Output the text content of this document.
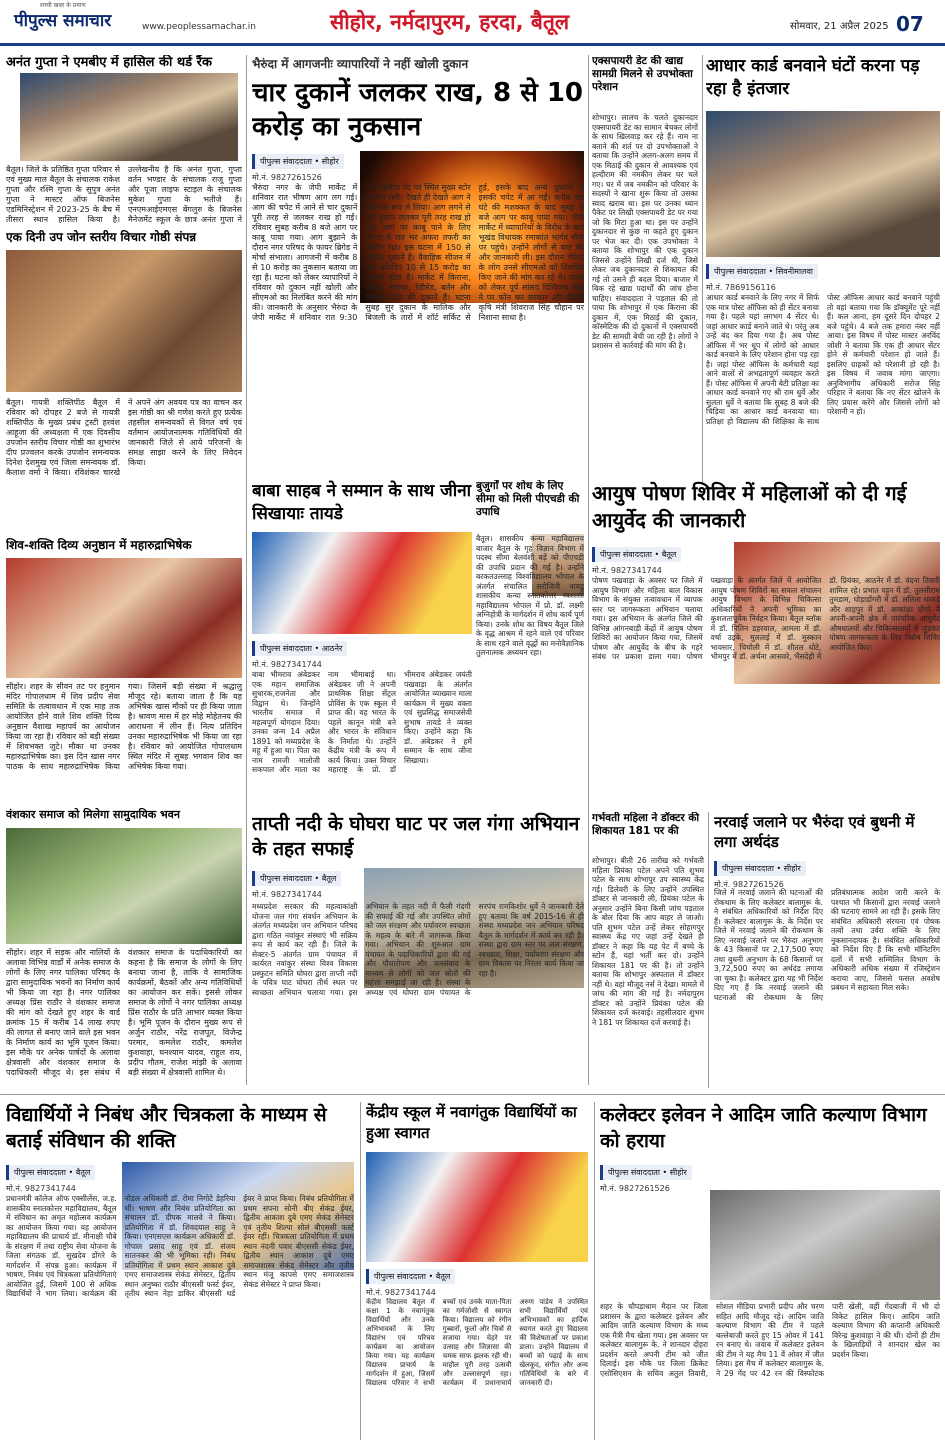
सच्ची खबर के प्रमाण
पीपुल्स समाचार	www.peoplessamachar.in	सीहोर, नर्मदापुरम, हरदा, बैतूल	सोमवार, 21 अप्रैल 2025 07
अनंत गुप्ता ने एमबीए में हासिल की थर्ड रैंक
बैतूल। जिले के प्रतिष्ठित गुप्ता परिवार से एवं मुख्य माल बैतूल के संचालक राकेश गुप्ता और रश्मि गुप्ता के सुपुत्र अनंत गुप्ता ने मास्टर ऑफ बिजनेस एडमिनिस्ट्रेशन में 2023-25 के बैच में तीसरा स्थान हासिल किया है। उल्लेखनीय है कि अनंत गुप्ता, गुप्ता वर्तन भण्डार के संचालक राजू गुप्ता और पूजा लाइफ स्टाइल के संचालक मुकेश गुप्ता के भतीजे हैं। एनएमआईएमएस बेंगलुरु के बिजनेस मैनेजमेंट स्कूल के छात्र अनंत गुप्ता ने
एक दिनी उप जोन स्तरीय विचार गोष्ठी संपन्न
बैतूल। गायत्री शक्तिपीठ बैतूल में रविवार को दोपहर 2 बजे से गायत्री शक्तिपीठ के मुख्य प्रबंध ट्रस्टी हरवंश आहूजा की अध्यक्षता में एक दिवसीय उपजोन स्तरीय विचार गोष्ठी का शुभारंभ दीप प्रज्वलन करके उपजोन समन्वयक दिनेश देशमुख एवं जिला समन्वयक डॉ. कैलाश वर्मा ने किया। रविशंकर चारखे ने अपने अंग अवयव पत्र का वाचन कर इस गोष्ठी का श्री गणेश करते हुए प्रत्येक तहसील समन्वयकों से विगत वर्ष एवं वर्तमान आयोजनात्मक गतिविधियों की जानकारी जिले से आये परिजनों के समक्ष साझा करने के लिए निवेदन किया।
शिव-शक्ति दिव्य अनुष्ठान में महारुद्राभिषेक
सीहोर। शहर के सीवन तट पर हनुमान मंदिर गोपालधाम में शिव प्रदीप सेवा समिति के तत्वावधान में एक माह तक आयोजित होने वाले शिव शक्ति दिव्य अनुष्ठान वैशाख महापर्व का आयोजन किया जा रहा है। रविवार को बड़ी संख्या में शिवभक्त जुटे। मौका था उनका महारुद्राभिषेक का। इस दिन खास नगर पाठक के साथ महारुद्राभिषेक किया गया। जिसमें बड़ी संख्या में श्रद्धालु मौजूद रहे। बताया जाता है कि यह अभिषेक खास मौकों पर ही किया जाता है। श्रावण मास में हर मोहे मोहेतनय की आराधना में लीन हैं। नित्य प्रतिदिन उनका महारुद्राभिषेक भी किया जा रहा है। रविवार को आयोजित गोपालधाम स्थित मंदिर में सुबह भगवान शिव का अभिषेक किया गया।
वंशकार समाज को मिलेगा सामुदायिक भवन
सीहोर। शहर में सड़क और नालियों के अलावा विभिन्न वार्डों में अनेक समाज के लोगों के लिए नगर पालिका परिषद के द्वारा सामुदायिक भवनों का निर्माण कार्य भी किया जा रहा है। नगर पालिका अध्यक्ष प्रिंस राठौर ने वंशकार समाज की मांग को देखते हुए शहर के वार्ड क्रमांक 15 में करीब 14 लाख रुपए की लागत से बनाए जाने वाले इस भवन के निर्माण कार्य का भूमि पूजन किया। इस मौके पर अनेक पार्षदों के अलावा क्षेत्रवासी और वंशकार समाज के पदाधिकारी मौजूद थे। इस संबंध में वंशकार समाज के पदाधिकारियों का कहना है कि समाज के लोगों के लिए बनाया जाना है, ताकि वे सामाजिक कार्यक्रमों, बैठकों और अन्य गतिविधियों का आयोजन कर सकें। इससे लोकर समाज के लोगों ने नगर पालिका अध्यक्ष प्रिंस राठौर के प्रति आभार व्यक्त किया है। भूमि पूजन के दौरान मुख्य रूप से अर्जुन राठौर, नरेंद्र राजपूत, विजेन्द्र परमार, कमलेश राठौर, कमलेश कुशवाहा, घनश्याम यादव, राहुल राय, प्रदीप गौतम, राजेश मांझी के अलावा बड़ी संख्या में क्षेत्रवासी शामिल थे।
भैरुंदा में आगजनीः व्यापारियों ने नहीं खोली दुकान
चार दुकानें जलकर राख, 8 से 10 करोड़ का नुकसान
पीपुल्स संवाददाता • सीहोर
मो.नं. 9827261526
भैरुंदा नगर के जेपी मार्केट में शनिवार रात भीषण आग लग गई। आग की चपेट में आने से चार दुकानें पूरी तरह से जलकर राख हो गईं। रविवार सुबह करीब 8 बजे आग पर काबू पाया गया। आग बुझाने के दौरान नगर परिषद के फायर ब्रिगेड ने मोर्चा संभाला। आगजनी में करीब 8 से 10 करोड़ का नुकसान बताया जा रहा है। घटना को लेकर व्यापारियों ने रविवार को दुकान नहीं खोली और सीएमओ का निलंबित करने की मांग की। जानकारी के अनुसार भैरुंदा के जेपी मार्केट में शनिवार रात 9:30 बजे तहसील गेट पर स्थित मुख्य स्टोर में आग लगी। देखते ही देखते आग ने विकराल रूप ले लिया। आग लगने से चार दुकान जलकर पूरी तरह राख हो गई। आग पर काबू पाने के लिए भैरुंदा से रात भर अफरा तफरी का माहौल रहा। इस घटना में 150 से अधिक दुकानें हैं। वैवाहिक सीजन में यहां प्रतिदिन 10 से 15 करोड़ का व्यापार होता है। मार्केट में किराना, कपड़ा, सराफा, रेडीमेड, बर्तन और जनरल स्टोर की दुकानें हैं। घटना सुबह सुर दुकान के मालिक और बिजली के तारों में शॉर्ट सर्किट से हुई, इसके बाद अन्य दुकानों में इसकी चपेट में आ गईं। करीब दस घंटे की मशक्कत के बाद सुबह 8 बजे आग पर काबू पाया गया। जेपी मार्केट में व्यापारियों के विरोध के बाद भूखंड विधायक रमाकांत भार्गव मौके पर पहुंचे। उन्होंने लोगों से बात की और जानकारी ली। इस दौरान भैरुंदा के लोग उनसे सीएमओ को निलंबित किए जाने की मांग कर रहे थे। घटना को लेकर पूर्व सांसद दिग्विजय सिंह ने पर फोन कर सरकार और केंद्रीय कृषि मंत्री शिवराज सिंह चौहान पर निशाना साधा है।
बाबा साहब ने सम्मान के साथ जीना सिखायाः तायडे
पीपुल्स संवाददाता • आठनेर
मो.नं. 9827341744
बाबा भीमराव अंबेडकर एक महान समाजिक सुधारक,राजनेता और विद्वान थे। जिन्होंने भारतीय समाज में महत्वपूर्ण योगदान दिया। उनका जन्म 14 अप्रैल 1891 को मध्यप्रदेश के महू में हुआ था। पिता का नाम रामजी मालोजी सकपाल और माता का नाम भीमाबाई था। अंबेडकर जी ने अपनी प्राथमिक शिक्षा सेंट्रल प्रोविंस के एक स्कूल में प्राप्त की। वह भारत के पहले कानून मंत्री बने और भारत के संविधान के निर्माता थे। उन्होंने केंद्रीय मंत्री के रूप में कार्य किया। उक्त विचार महाराष्ट्र के प्रो. डॉ भीमराव अंबेडकर जयंती पखवाड़ा के अंतर्गत आयोजित व्याख्यान माला कार्यक्रम में मुख्य वक्ता एवं सुप्रसिद्ध समाजसेवी सुभाष तायडे ने व्यक्त किए। उन्होंने कहा कि डॉ. अंबेडकर ने हमें सम्मान के साथ जीना सिखाया।
बुजुर्गों पर शोध के लिए सीमा को मिली पीएचडी की उपाधि
बैतूल। शासकीय कन्या महाविद्यालय बाजार बैतूल के गृह विज्ञान विभाग में पदस्थ सीमा बेलवंशी बड़ें को पीएचडी की उपाधि प्रदान की गई है। उन्होंने बरकतउल्लाह विश्वविद्यालय भोपाल के अंतर्गत संचालित सरोजिनी नायडू शासकीय कन्या स्नातकोत्तर स्वशासी महाविद्यालय भोपाल में प्रो. डॉ. लक्ष्मी अग्निहोत्री के मार्गदर्शन में शोध कार्य पूर्ण किया। उनके शोध का विषय बैतूल जिले के वृद्ध आश्रम में रहने वाले एवं परिवार के साथ रहने वाले वृद्धों का मनोवैज्ञानिक तुलनात्मक अध्ययन रहा।
ताप्ती नदी के घोघरा घाट पर जल गंगा अभियान के तहत सफाई
पीपुल्स संवाददाता • बैतूल
मो.नं. 9827341744
मध्यप्रदेश सरकार की महत्वाकांक्षी योजना जल गंगा संवर्धन अभियान के अंतर्गत मध्यप्रदेश जन अभियान परिषद द्वारा गठित नवांकुर संस्थाएं भी सक्रिय रूप से कार्य कर रही हैं। जिले के सेक्टर-5 अंतर्गत ग्राम पंचायत में कार्यरत नवांकुर संस्था विश्व विकास प्रस्फुटन समिति घोघरा द्वारा ताप्ती नदी के पवित्र घाट घोघरा तीर्थ स्थल पर स्वच्छता अभियान चलाया गया। इस अभियान के तहत नदी में फैली गंदगी की सफाई की गई और उपस्थित लोगों को जल संरक्षण और पर्यावरण स्वच्छता के महत्व के बारे में जागरूक किया गया। अभियान की शुरुआत ग्राम पंचायत के पदाधिकारियों द्वारा की गई और पौधारोपण और जनसंवाद के माध्यम से लोगों को जल स्रोतों की महत्ता समझाई जा रही है। संस्था के अध्यक्ष एवं घोघरा ग्राम पंचायत के सरपंच रामकिशोर धुर्वे ने जानकारी देते हुए बताया कि वर्ष 2015-16 से ही संस्था मध्यप्रदेश जन अभियान परिषद बैतूल के मार्गदर्शन में कार्य कर रही है। संस्था द्वारा ग्राम स्तर पर जल संरक्षण, स्वच्छता, शिक्षा, पर्यावरण संरक्षण और ग्राम विकास पर निरंतर कार्य किया जा रहा है।
एक्सपायरी डेट की खाद्य सामग्री मिलने से उपभोक्ता परेशान
शोभापुर। लालच के चलते दुकानदार एक्सपायरी डेट का सामान बेचकर लोगों के साथ खिलवाड़ कर रहे हैं। नाम ना बताने की शर्त पर दो उपभोक्ताओं ने बताया कि उन्होंने अलग-अलग समय में एक मिठाई की दुकान से आवश्यक एवं हल्दीराम की नमकीन लेकर घर चले गए। घर में जब नमकीन को परिवार के सदस्यों ने खाना शुरू किया तो उसका स्वाद खराब था। इस पर उनका ध्यान पैकेट पर लिखी एक्सपायरी डेट पर गया जो कि मिटा हुआ था। इस पर उन्होंने दुकानदार से कुछ ना कहते हुए दुकान पर भेज कर दी। एक उपभोक्ता ने बताया कि शोभापुर की एक दुकान जिससे उन्होंने लिखी दर्ज थी, जिसे लेकर जब दुकानदार से शिकायत की गई तो उसने ही बदल दिया। बाजार में बिक रहे खाद्य पदार्थों की जांच होना चाहिए। संवाददाता ने पड़ताल की तो पाया कि शोभापुर में एक किराना की दुकान में, एक मिठाई की दुकान, कॉस्मेटिक की दो दुकानों में एक्सपायरी डेट की सामग्री बेची जा रही है। लोगों ने प्रशासन से कार्रवाई की मांग की है।
आधार कार्ड बनवाने घंटों करना पड़ रहा है इंतजार
पीपुल्स संवाददाता • सिवनीमालवा
मो.नं. 7869156116
आधार कार्ड बनवाने के लिए नगर में सिर्फ एक मात्र पोस्ट ऑफिस को ही सेंटर बनाया गया है। पहले यहां लगभग 4 सेंटर थे। जहां आधार कार्ड बनाने जाते थे। परंतु अब उन्हें बंद कर दिया गया है। अब पोस्ट ऑफिस में भर धूप में लोगों को आधार कार्ड बनवाने के लिए परेशान होना पड़ रहा है। जहां पोस्ट ऑफिस के कर्मचारी यहां आने वालों से अभद्रतापूर्ण व्यवहार करते हैं। पोस्ट ऑफिस में अपनी बेटी प्रतिक्षा का आधार कार्ड बनवाने गए श्री राम धुर्वे और सुलता धुर्वे ने बताया कि सुबह 8 बजे की चिड़िया का आधार कार्ड बनवाया था। प्रतिक्षा हो विद्यालय की शिक्षिका के साथ पोस्ट ऑफिस आधार कार्ड बनवाने पहुंची तो वहां बताया गया कि डॉक्यूमेंट पूरे नहीं हैं। कल आना, हम दूसरे दिन दोपहर 2 बजे पहुंचे। 4 बजे तक हमारा नंबर नहीं आया। इस विषय में पोस्ट मास्टर अरविंद जोशी ने बताया कि एक ही आधार सेंटर होने से कर्मचारी परेशान हो जाते हैं। इसलिए ग्राहकों को परेशानी हो रही है। इस विषय में जवाब मांगा जाएगा। अनुविभागीय अधिकारी सरोज सिंह परिहार ने बताया कि नए सेंटर खोलने के लिए प्रयास करेंगे और जिससे लोगों को परेशानी न हो।
आयुष पोषण शिविर में महिलाओं को दी गई आयुर्वेद की जानकारी
पीपुल्स संवाददाता • बैतूल
मो.नं. 9827341744
पोषण पखवाड़ा के अवसर पर जिले में आयुष विभाग और महिला बाल विकास विभाग के संयुक्त तत्वावधान में व्यापक स्तर पर जागरूकता अभियान चलाया गया। इस अभियान के अंतर्गत जिले की विभिन्न आंगनबाड़ी केंद्रों में आयुष पोषण शिविरों का आयोजन किया गया, जिसमें पोषण और आयुर्वेद के बीच के गहरे संबंध पर प्रकाश डाला गया। पोषण पखवाड़ा के अंतर्गत जिले में आयोजित आयुष पोषण शिविरों का सफल संचालन आयुष विभाग के विभिन्न चिकित्सा अधिकारियों ने अपनी भूमिका का कुशलतापूर्वक निर्वहन किया। बैतूल ब्लॉक में डॉ. नितिन डहरवाल, आमला में डॉ. वर्षा उइके, मुलताई में डॉ. मुस्कान भावसार, चिचोली में डॉ. शीतल धोटे, भीमपुर में डॉ. अर्चना आसवरे, भैंसदेही में डॉ. प्रियंका, आठनेर में डॉ. वंदना तिवारी शामिल रहे। प्रभात पट्टन में डॉ. तुलसीराम तुमडाम, घोड़ाडोंगरी में डॉ. ललिता धाकड़े और शाहपुर में डॉ. आकांक्षा डोंगरे ने अपनी-अपनी क्षेत्र में पारंपरिक आयुर्वेद औषधालयों और चिकित्सालयों से जुड़कर पोषण जागरूकता के लिए विशेष शिविर आयोजित किए।
गर्भवती महिला ने डॉक्टर की शिकायत 181 पर की
शोभापुर। बीती 26 तारीख को गर्भवती महिला प्रियंका पटेल अपने पति शुभम पटेल के साथ शोभापुर उप स्वास्थ्य केंद्र गई। डिलेवरी के लिए उन्होंने उपस्थित डॉक्टर से जानकारी ली, प्रियंका पटेल के अनुसार उन्होंने बिना किसी जांच पड़ताल के बोल दिया कि आप बाहर ले जाओ। पति शुभम पटेल उन्हें लेकर सोहागपुर स्वास्थ्य केंद्र गए जहां उन्हें देखते ही डॉक्टर ने कहा कि यह पेट में बच्चे के स्टोन हैं, यहां भर्ती कर दो। उन्होंने शिकायत 181 पर की है। तो उन्होंने बताया कि शोभापुर अस्पताल में डॉक्टर नहीं थे। वहां मौजूद नर्स ने देखा। मामले में जांच की मांग की गई है। नर्मदापुरम डॉक्टर को उन्होंने प्रियंका पटेल की शिकायत दर्ज करवाई। तहसीलदार शुभम ने 181 पर शिकायत दर्ज करवाई है।
नरवाई जलाने पर भैरुंदा एवं बुधनी में लगा अर्थदंड
पीपुल्स संवाददाता • सीहोर
मो.नं. 9827261526
जिले में नरवाई जलाने की घटनाओं की रोकथाम के लिए कलेक्टर बालागुरू के. ने संबंधित अधिकारियों को निर्देश दिए हैं। कलेक्टर बालागुरू के. के निर्देश पर जिले में नरवाई जलाने की रोकथाम के लिए नरवाई जलाने पर भैरुंदा अनुभाग के 43 किसानों पर 2,17,500 रुपए तथा बुधनी अनुभाग के 68 किसानों पर 3,72,500 रुपए का अर्थदंड लगाया जा चुका है। कलेक्टर द्वारा यह भी निर्देश दिए गए हैं कि नरवाई जलाने की घटनाओं की रोकथाम के लिए प्रतिबंधात्मक आदेश जारी करने के पश्चात भी किसानों द्वारा नरवाई जलाने की घटनाएं सामने आ रही हैं। इसके लिए संबंधित अधिकारी संरचना एवं पोषक तत्वों तथा उर्वरा शक्ति के लिए नुकसानदायक है। संबंधित अधिकारियों को निर्देश दिए हैं कि सभी मॉनिटरिंग दलों में सभी सम्मिलित विभाग के अधिकारी अधिक संख्या में रजिस्ट्रेशन कराया जाए, जिससे फसल अवशेष प्रबंधन में सहायता मिल सके।
विद्यार्थियों ने निबंध और चित्रकला के माध्यम से बताई संविधान की शक्ति
पीपुल्स संवाददाता • बैतूल
मो.नं. 9827341744
प्रधानमंत्री कॉलेज ऑफ एक्सीलेंस, ज.ह. शासकीय स्नातकोत्तर महाविद्यालय, बैतूल में संविधान का अमृत महोत्सव कार्यक्रम का आयोजन किया गया। यह आयोजन महाविद्यालय की प्राचार्य डॉ. मीनाक्षी चौबे के संरक्षण में तथा राष्ट्रीय सेवा योजना के जिला संगठक डॉ. सुखदेव डोंगरे के मार्गदर्शन में संपन्न हुआ। कार्यक्रम में भाषण, निबंध एवं चित्रकला प्रतियोगिताएं आयोजित हुईं, जिसमें 100 से अधिक विद्यार्थियों ने भाग लिया। कार्यक्रम की नोडल अधिकारी डॉ. रोमा निगोटे डेहरिया थीं। भाषण और निबंध प्रतियोगिता का संचालन डॉ. दीपक मालवे ने किया। प्रतियोगिता में डॉ. शिवदयाल साहू ने किया। एनएसएस कार्यक्रम अधिकारी डॉ. गोपाल प्रसाद साहू एवं डॉ. संजय सातनकर की भी भूमिका रही। निबंध प्रतियोगिता में प्रथम स्थान आकाश दुबे एमए समाजशास्त्र सेकंड सेमेस्टर, द्वितीय स्थान अनुष्का राठौर बीएससी फर्स्ट ईयर, तृतीय स्थान नेहा डाकिर बीएससी थर्ड ईयर ने प्राप्त किया। निबंध प्रतियोगिता में प्रथम सपना सोनी बीए सेकंड ईयर, द्वितीय आकाश दुबे एमए सेकंड सेमेस्टर एवं तृतीय शिल्पा सोलं बीएससी फर्स्ट ईयर रहीं। चित्रकला प्रतियोगिता में प्रथम स्थान नंदनी पवार बीएससी सेकंड ईयर, द्वितीय स्थान आकाश दुबे एमए समाजशास्त्र सेकंड सेमेस्टर और तृतीय स्थान मंजू कापसे एमए समाजशास्त्र सेकंड सेमेस्टर ने प्राप्त किया।
केंद्रीय स्कूल में नवागंतुक विद्यार्थियों का हुआ स्वागत
पीपुल्स संवाददाता • बैतूल
मो.नं. 9827341744
केंद्रीय विद्यालय बैतूल में कक्षा 1 के नवागंतुक विद्यार्थियों और उनके अभिभावकों के लिए विद्यारंभ एवं परिचय कार्यक्रम का आयोजन किया गया। यह कार्यक्रम विद्यालय प्राचार्य के मार्गदर्शन में हुआ, जिसमें विद्यालय परिवार ने सभी बच्चों एवं उनके माता-पिता का गर्मजोशी से स्वागत किया। विद्यालय को रंगीन गुब्बारों, फूलों और चित्रों से सजाया गया। चेहरे पर उत्साह और जिज्ञासा की चमक साफ झलक रही थी। माहौल पूरी तरह उत्सवी और उल्लासपूर्ण रहा। कार्यक्रम में प्रधानाचार्य अरुण पांडेय ने उपस्थित सभी विद्यार्थियों एवं अभिभावकों का हार्दिक स्वागत करते हुए विद्यालय की विशेषताओं पर प्रकाश डाला। उन्होंने विद्यालय में बच्चों को पढ़ाई के साथ खेलकूद, संगीत और अन्य गतिविधियों के बारे में जानकारी दी।
कलेक्टर इलेवन ने आदिम जाति कल्याण विभाग को हराया
पीपुल्स संवाददाता • सीहोर
मो.नं. 9827261526
शहर के चौपड़ाधाम मैदान पर जिला प्रशासन के द्वारा कलेक्टर इलेवन और आदिम जाति कल्याण विभाग के मध्य एक मैत्री मैच खेला गया। इस अवसर पर कलेक्टर बालागुरू के. ने शानदार दोहरा प्रदर्शन करते अपनी टीम को जीत दिलाई। इस मौके पर जिला क्रिकेट एसोसिएशन के सचिव अतुल तिवारी, सोशल मीडिया प्रभारी प्रदीप और चरण सहित आदि मौजूद रहे। आदिम जाति कल्याण विभाग की टीम ने पहले बल्लेबाजी करते हुए 15 ओवर में 141 रन बनाए थे। जवाब में कलेक्टर इलेवन की टीम ने यह मैच 11 वें ओवर में जीत लिया। इस मैच में कलेक्टर बालागुरू के. ने 29 गेंद पर 42 रन की विस्फोटक पारी खेली, वहीं गेंदबाजी में भी दो विकेट हासिल किए। आदिम जाति कल्याण विभाग की कप्तानी अधिकारी विरेन्द्र कुशवाहा ने की थी। दोनों ही टीम के खिलाड़ियों ने शानदार खेल का प्रदर्शन किया।
